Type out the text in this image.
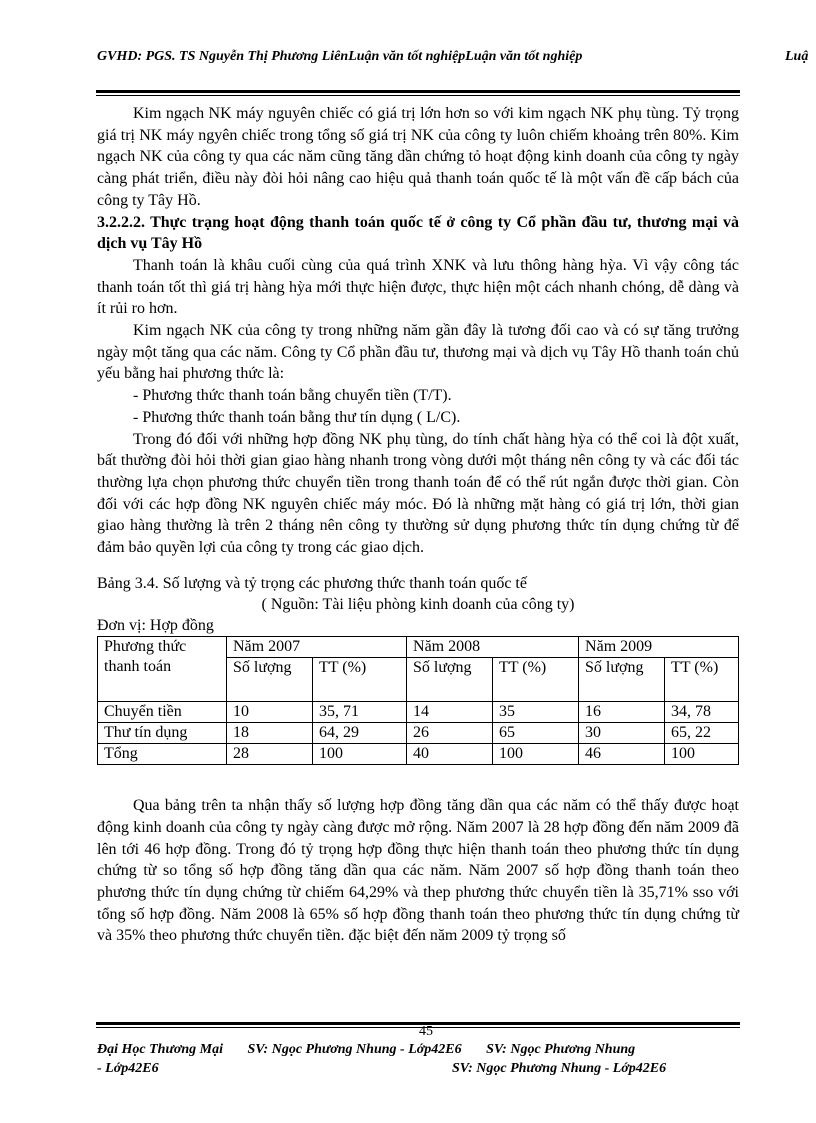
GVHD: PGS. TS Nguyễn Thị Phương LiênLuận văn tốt nghiệpLuận văn tốt nghiệp	Luậ

Kim ngạch NK máy nguyên chiếc có giá trị lớn hơn so với kim ngạch NK phụ tùng. Tỷ trọng giá trị NK máy ngyên chiếc trong tổng số giá trị NK của công ty luôn chiếm khoảng trên 80%. Kim ngạch NK của công ty qua các năm cũng tăng dần chứng tỏ hoạt động kinh doanh của công ty ngày càng phát triển, điều này đòi hỏi nâng cao hiệu quả thanh toán quốc tế là một vấn đề cấp bách của công ty Tây Hồ.

3.2.2.2. Thực trạng hoạt động thanh toán quốc tế ở công ty Cổ phần đầu tư, thương mại và dịch vụ Tây Hồ

Thanh toán là khâu cuối cùng của quá trình XNK và lưu thông hàng hỳa. Vì vậy công tác thanh toán tốt thì giá trị hàng hỳa mới thực hiện được, thực hiện một cách nhanh chóng, dễ dàng và ít rủi ro hơn.

Kim ngạch NK của công ty trong những năm gần đây là tương đối cao và có sự tăng trưởng ngày một tăng qua các năm. Công ty Cổ phần đầu tư, thương mại và dịch vụ Tây Hồ thanh toán chủ yếu bằng hai phương thức là:

- Phương thức thanh toán bằng chuyển tiền (T/T).

- Phương thức thanh toán bằng thư tín dụng ( L/C).

Trong đó đối với những hợp đồng NK phụ tùng, do tính chất hàng hỳa có thể coi là đột xuất, bất thường đòi hỏi thời gian giao hàng nhanh trong vòng dưới một tháng nên công ty và các đối tác thường lựa chọn phương thức chuyển tiền trong thanh toán để có thể rút ngắn được thời gian. Còn đối với các hợp đồng NK nguyên chiếc máy móc. Đó là những mặt hàng có giá trị lớn, thời gian giao hàng thường là trên 2 tháng nên công ty thường sử dụng phương thức tín dụng chứng từ để đảm bảo quyền lợi của công ty trong các giao dịch.

Bảng 3.4. Số lượng và tỷ trọng các phương thức thanh toán quốc tế

( Nguồn: Tài liệu phòng kinh doanh của công ty)

Đơn vị: Hợp đồng

Phương thức
thanh toán	Năm 2007		Năm 2008		Năm 2009	
	Số lượng	TT (%)	Số lượng	TT (%)	Số lượng	TT (%)
Chuyển tiền	10	35, 71	14	35	16	34, 78
Thư tín dụng	18	64, 29	26	65	30	65, 22
Tổng	28	100	40	100	46	100

Qua bảng trên ta nhận thấy số lượng hợp đồng tăng dần qua các năm có thể thấy được hoạt động kinh doanh của công ty ngày càng được mở rộng. Năm 2007 là 28 hợp đồng đến năm 2009 đã lên tới 46 hợp đồng. Trong đó tỷ trọng hợp đồng thực hiện thanh toán theo phương thức tín dụng chứng từ so tổng số hợp đồng tăng dần qua các năm. Năm 2007 số hợp đồng thanh toán theo phương thức tín dụng chứng từ chiếm 64,29% và thep phương thức chuyển tiền là 35,71% sso với tổng số hợp đồng. Năm 2008 là 65% số hợp đồng thanh toán theo phương thức tín dụng chứng từ và 35% theo phương thức chuyển tiền. đặc biệt đến năm 2009 tỷ trọng số

45
Đại Học Thương Mại       SV: Ngọc Phương Nhung - Lớp42E6       SV: Ngọc Phương Nhung
- Lớp42E6	SV: Ngọc Phương Nhung - Lớp42E6
